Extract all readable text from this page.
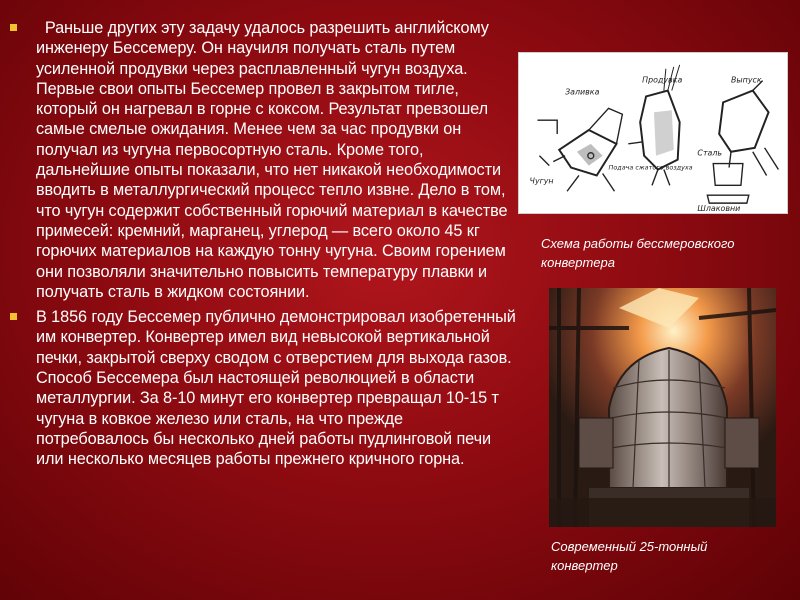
Раньше других эту задачу удалось разрешить английскому инженеру Бессемеру. Он научиля получать сталь путем усиленной продувки через расплавленный чугун воздуха. Первые свои опыты Бессемер провел в закрытом тигле, который он нагревал в горне с коксом. Результат превзошел самые смелые ожидания. Менее чем за час продувки он получал из чугуна первосортную сталь. Кроме того, дальнейшие опыты показали, что нет никакой необходимости вводить в металлургический процесс тепло извне. Дело в том, что чугун содержит собственный горючий материал в качестве примесей: кремний, марганец, углерод — всего около 45 кг горючих материалов на каждую тонну чугуна. Своим горением они позволяли значительно повысить температуру плавки и получать сталь в жидком состоянии.

В 1856 году Бессемер публично демонстрировал изобретенный им конвертер. Конвертер имел вид невысокой вертикальной печки, закрытой сверху сводом с отверстием для выхода газов. Способ Бессемера был настоящей революцией в области металлургии. За 8-10 минут его конвертер превращал 10-15 т чугуна в ковкое железо или сталь, на что прежде потребовалось бы несколько дней работы пудлинговой печи или несколько месяцев работы прежнего кричного горна.

Заливка
Продувка	Выпуск
Чугун
Подача сжатого воздуха
Сталь
Шлаковни

Схема работы бессмеровского конвертера

Современный 25-тонный конвертер
